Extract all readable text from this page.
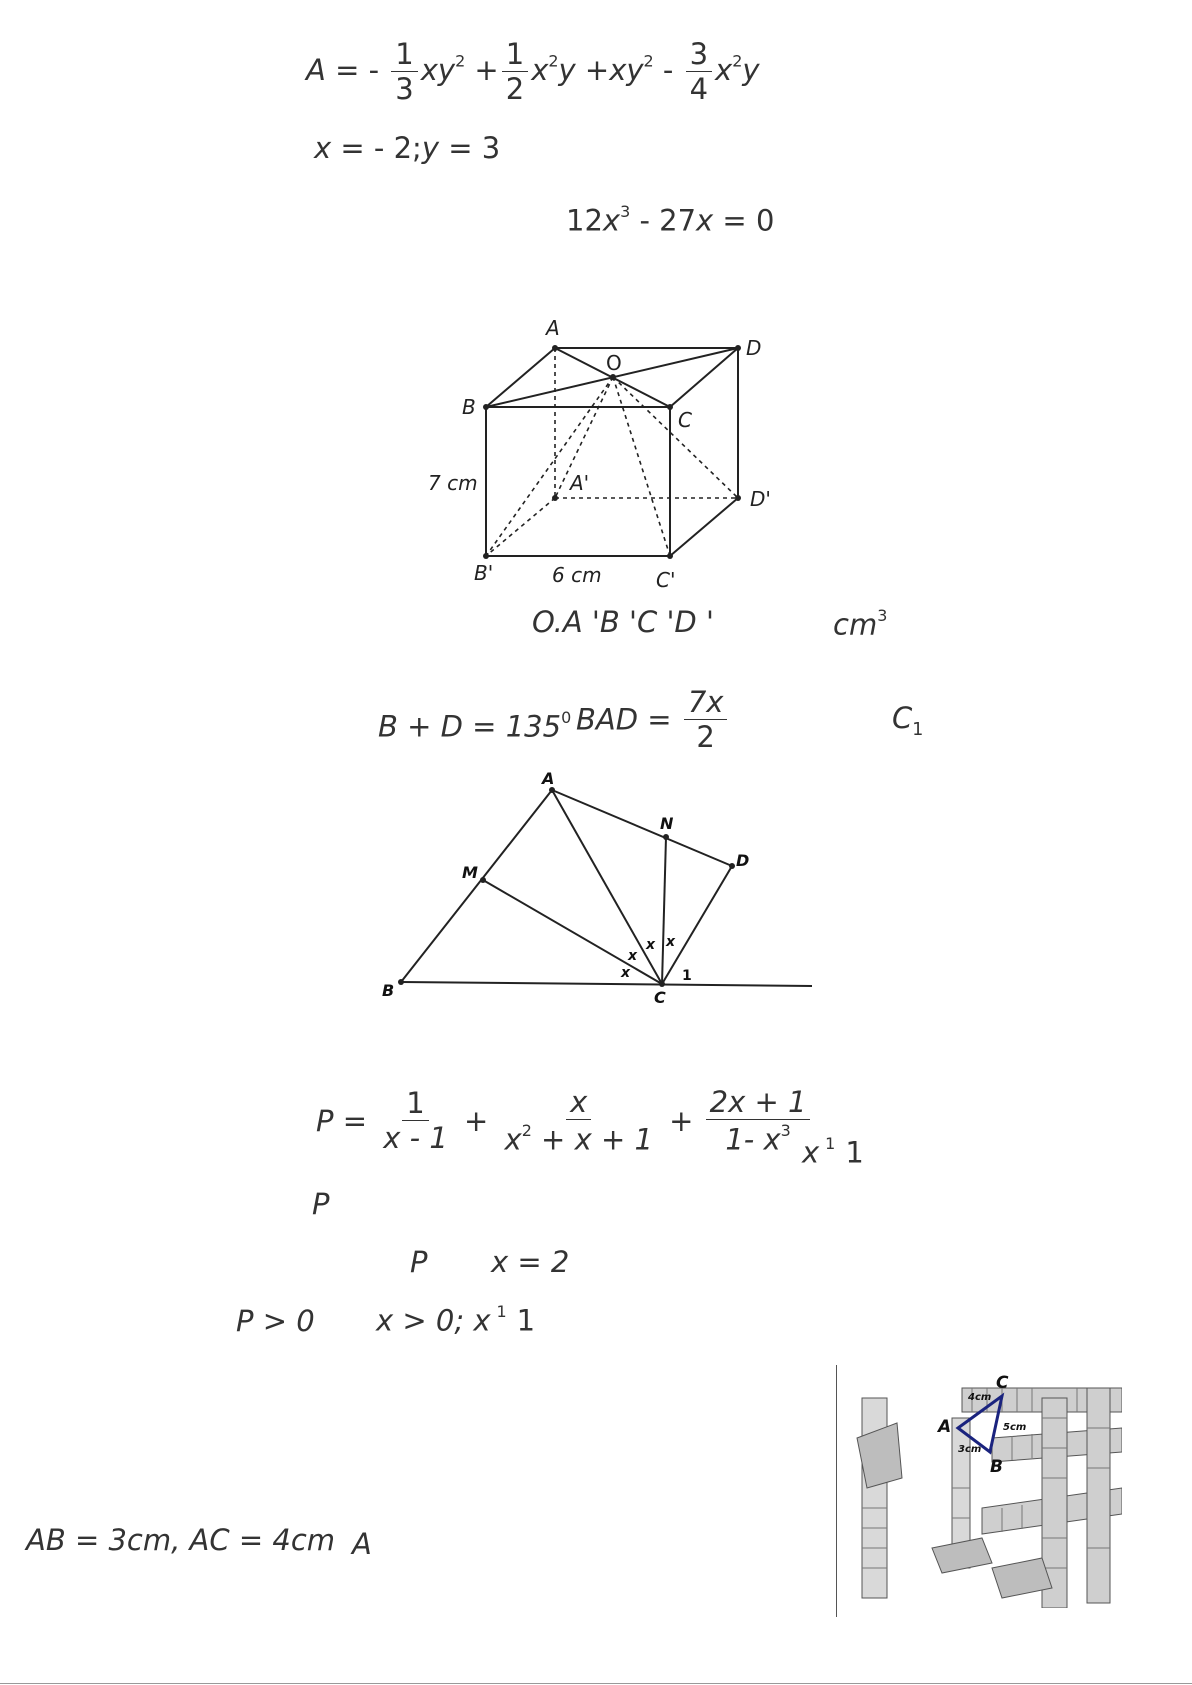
A = - $\frac{1}{3} xy^2 + \frac{1}{2} x^2y +xy^2 - \frac{3}{4} x^2y$
x = - 2;y = 3
$12x^3 - 27x = 0$
A
D
O
B
C
A'
D'
B'	C'
7 cm
6 cm
O.A 'B 'C 'D '	$cm^3$
$B + D = 135^0$ BAD = $\frac{7x}{2}$	$C_1$
A
N
D
M
B	C
x
x
x x
1
$P = \frac{1}{x - 1} + \frac{x}{x^2 + x + 1} + \frac{2x + 1}{1- x^3}$
x $^1$ 1
P
P x = 2
P > 0 x > 0; x $^1$ 1
AB = 3cm, AC = 4cm A
C
A
B
4cm
5cm
3cm
